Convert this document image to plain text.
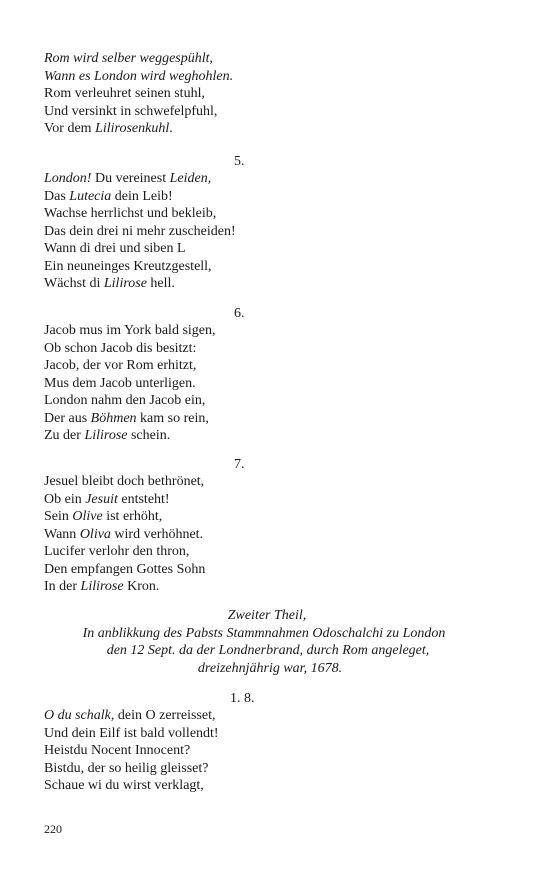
Rom wird selber weggespühlt,
Wann es London wird weghohlen.
Rom verleuhret seinen stuhl,
Und versinkt in schwefelpfuhl,
Vor dem Lilirosenkuhl.
5.
London! Du vereinest Leiden,
Das Lutecia dein Leib!
Wachse herrlichst und bekleib,
Das dein drei ni mehr zuscheiden!
Wann di drei und siben L
Ein neuneinges Kreutzgestell,
Wächst di Lilirose hell.
6.
Jacob mus im York bald sigen,
Ob schon Jacob dis besitzt:
Jacob, der vor Rom erhitzt,
Mus dem Jacob unterligen.
London nahm den Jacob ein,
Der aus Böhmen kam so rein,
Zu der Lilirose schein.
7.
Jesuel bleibt doch bethrönet,
Ob ein Jesuit entsteht!
Sein Olive ist erhöht,
Wann Oliva wird verhöhnet.
Lucifer verlohr den thron,
Den empfangen Gottes Sohn
In der Lilirose Kron.
Zweiter Theil,
In anblikkung des Pabsts Stammnahmen Odoschalchi zu London
den 12 Sept. da der Londnerbrand, durch Rom angeleget,
dreizehnjährig war, 1678.
1. 8.
O du schalk, dein O zerreisset,
Und dein Eilf ist bald vollendt!
Heistdu Nocent Innocent?
Bistdu, der so heilig gleisset?
Schaue wi du wirst verklagt,
220
